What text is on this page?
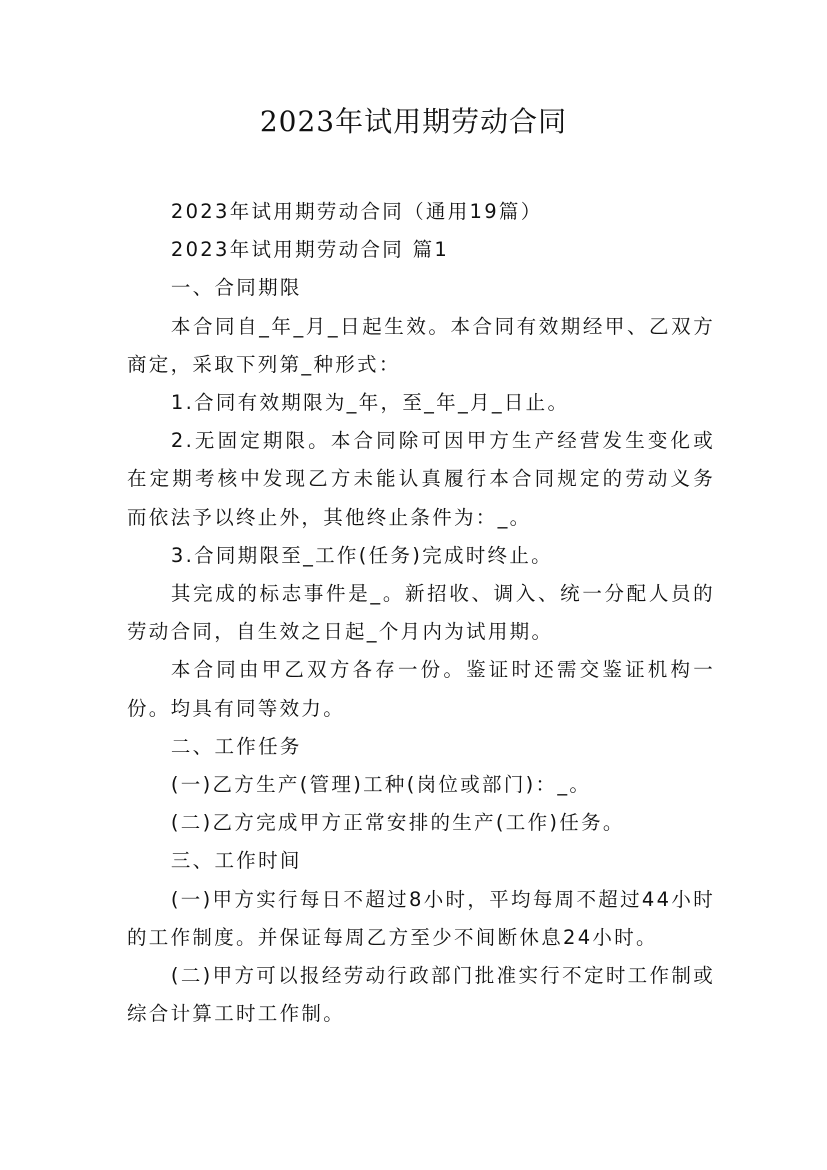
2023年试用期劳动合同

2023年试用期劳动合同（通用19篇）

2023年试用期劳动合同 篇1

一、合同期限

本合同自_年_月_日起生效。本合同有效期经甲、乙双方商定，采取下列第_种形式：

1.合同有效期限为_年，至_年_月_日止。

2.无固定期限。本合同除可因甲方生产经营发生变化或在定期考核中发现乙方未能认真履行本合同规定的劳动义务而依法予以终止外，其他终止条件为：_。

3.合同期限至_工作(任务)完成时终止。

其完成的标志事件是_。新招收、调入、统一分配人员的劳动合同，自生效之日起_个月内为试用期。

本合同由甲乙双方各存一份。鉴证时还需交鉴证机构一份。均具有同等效力。

二、工作任务

(一)乙方生产(管理)工种(岗位或部门)：_。

(二)乙方完成甲方正常安排的生产(工作)任务。

三、工作时间

(一)甲方实行每日不超过8小时，平均每周不超过44小时的工作制度。并保证每周乙方至少不间断休息24小时。

(二)甲方可以报经劳动行政部门批准实行不定时工作制或综合计算工时工作制。
